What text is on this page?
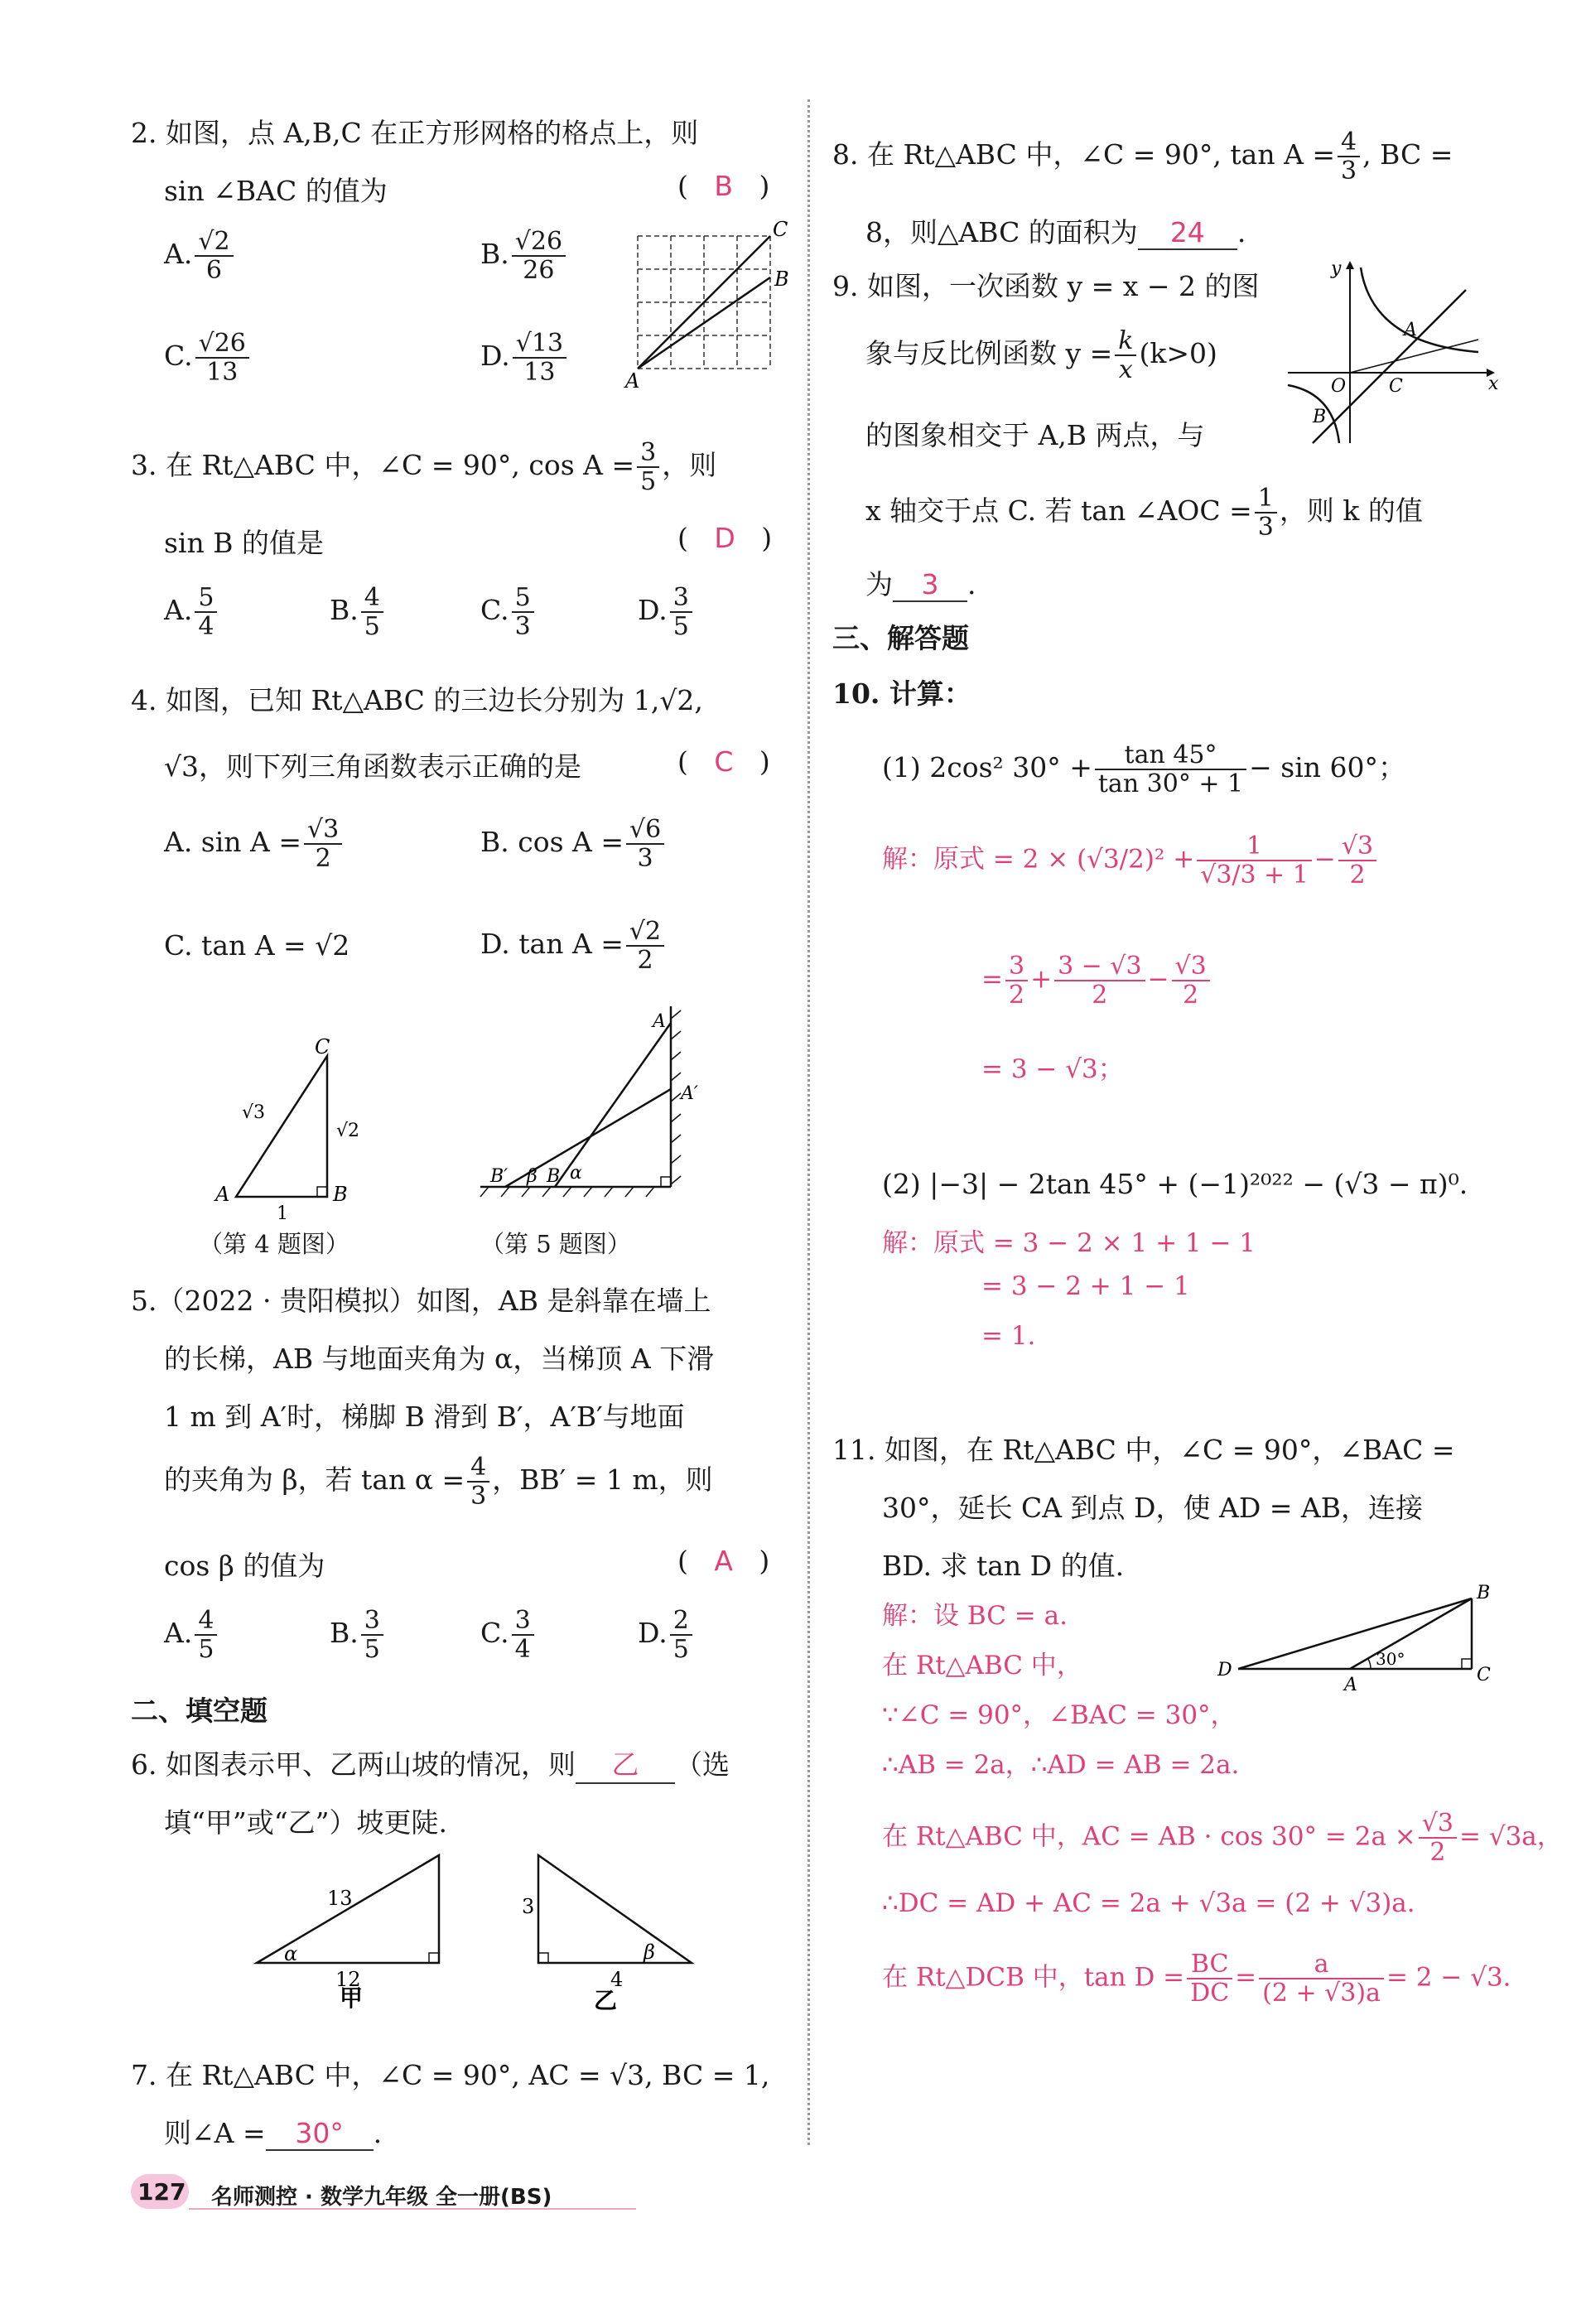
2. 如图，点 A,B,C 在正方形网格的格点上，则
sin ∠BAC 的值为	(   B   )
A. $\frac{√2}{6}$	B. $\frac{√26}{26}$
C. $\frac{√26}{13}$	D. $\frac{√13}{13}$
C
B
A
3. 在 Rt△ABC 中，∠C = 90°, $\cos A = \frac{3}{5}$ ，则
sin B 的值是	(   D   )
A. $\frac{5}{4}$	B. $\frac{4}{5}$	C. $\frac{5}{3}$	D. $\frac{3}{5}$
4. 如图，已知 Rt△ABC 的三边长分别为 1,√2,
√3，则下列三角函数表示正确的是	(   C   )
A. $\sin A = \frac{√3}{2}$	B. $\cos A = \frac{√6}{3}$
C. tan A = √2	D. $\tan A = \frac{√2}{2}$
C
A	B
1
√3
√2
（第 4 题图）
A
A′
B′ B
β α
（第 5 题图）
5.（2022 · 贵阳模拟）如图，AB 是斜靠在墙上
的长梯，AB 与地面夹角为 α，当梯顶 A 下滑
1 m 到 A′时，梯脚 B 滑到 B′，A′B′与地面
的夹角为 β，若 $\tan \alpha = \frac{4}{3}$ ，BB′ = 1 m，则
cos β 的值为	(   A   )
A. $\frac{4}{5}$	B. $\frac{3}{5}$	C. $\frac{3}{4}$	D. $\frac{2}{5}$
二、填空题
6. 如图表示甲、乙两山坡的情况，则 乙 （选
填“甲”或“乙”）坡更陡.
13
12
α
甲
3
4
β
乙
7. 在 Rt△ABC 中，∠C = 90°, AC = √3, BC = 1,
则∠A = 30° .
8. 在 Rt△ABC 中，∠C = 90°, $\tan A = \frac{4}{3}$ , BC =
8，则△ABC 的面积为 24 .
9. 如图，一次函数 y = x − 2 的图
象与反比例函数 $y = \frac{k}{x} (k>0)$
的图象相交于 A,B 两点，与
x 轴交于点 C. 若 tan ∠AOC = $\frac{1}{3}$ ，则 k 的值
为 3 .
y
x
O
A
B
C
三、解答题
10. 计算：
(1) 2cos² $30^\circ + \frac{\tan 45^\circ}{\tan 30^\circ + 1} - \sin 60^\circ$；
解：原式 = $2 \times (√3/2)^2 + \frac{1}{√3/3 + 1} - \frac{√3}{2}$
= $\frac{3}{2} + \frac{3 - √3}{2} - \frac{√3}{2}$
= 3 − √3；
(2) |−3| − 2tan 45° + (−1)²⁰²² − (√3 − π)⁰.
解：原式 = 3 − 2 × 1 + 1 − 1
= 3 − 2 + 1 − 1
= 1.
11. 如图，在 Rt△ABC 中，∠C = 90°，∠BAC =
30°，延长 CA 到点 D，使 AD = AB，连接
BD. 求 tan D 的值.
解：设 BC = a.
在 Rt△ABC 中，
∵∠C = 90°，∠BAC = 30°，
∴AB = 2a，∴AD = AB = 2a.
在 Rt△ABC 中，AC = AB · $\cos 30^\circ = 2a \times \frac{√3}{2} = √3a$，
∴DC = AD + AC = 2a + √3a = (2 + √3)a.
在 Rt△DCB 中，$\tan D = \frac{BC}{DC} = \frac{a}{(2 + √3)a} = 2 - √3$.
B
D
A	C
30°
127 名师测控 · 数学九年级 全一册(BS)
